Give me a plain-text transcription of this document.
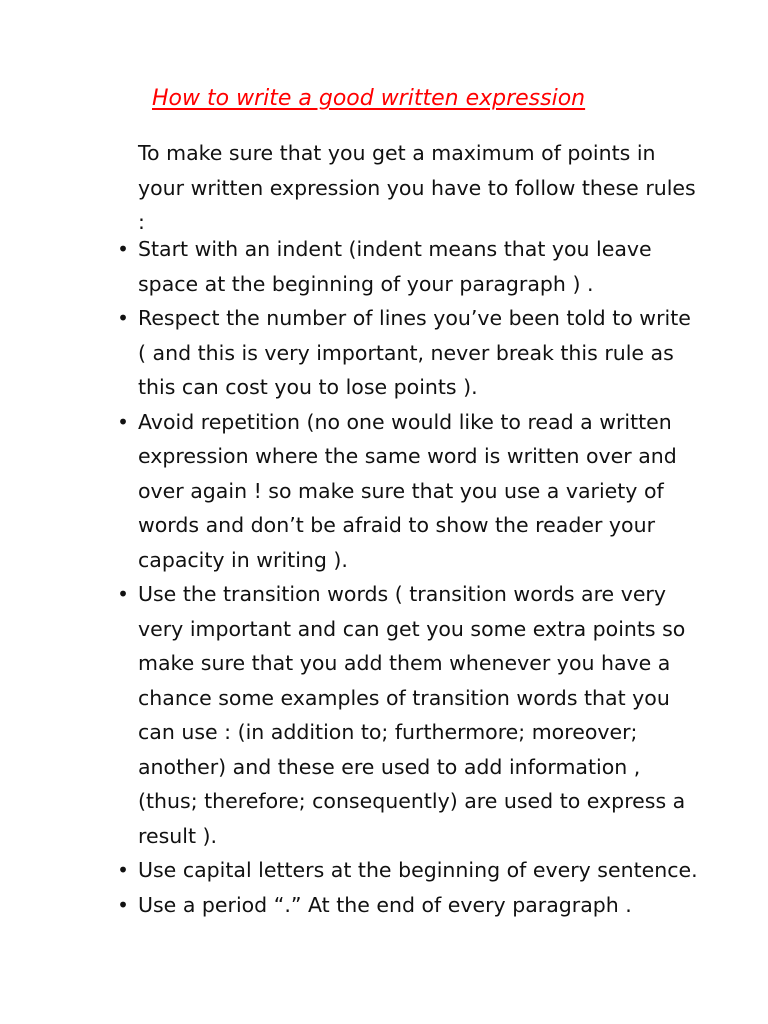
How to write a good written expression

To make sure that you get a maximum of points in your written expression you have to follow these rules :

• Start with an indent (indent means that you leave space at the beginning of your paragraph ) .
• Respect the number of lines you’ve been told to write ( and this is very important, never break this rule as this can cost you to lose points ).
• Avoid repetition (no one would like to read a written expression where the same word is written over and over again ! so make sure that you use a variety of words and don’t be afraid to show the reader your capacity in writing ).
• Use the transition words ( transition words are very very important and can get you some extra points so make sure that you add them whenever you have a chance some examples of transition words that you can use : (in addition to; furthermore; moreover; another) and these ere used to add information , (thus; therefore; consequently) are used to express a result ).
• Use capital letters at the beginning of every sentence.
• Use a period “.” At the end of every paragraph .
